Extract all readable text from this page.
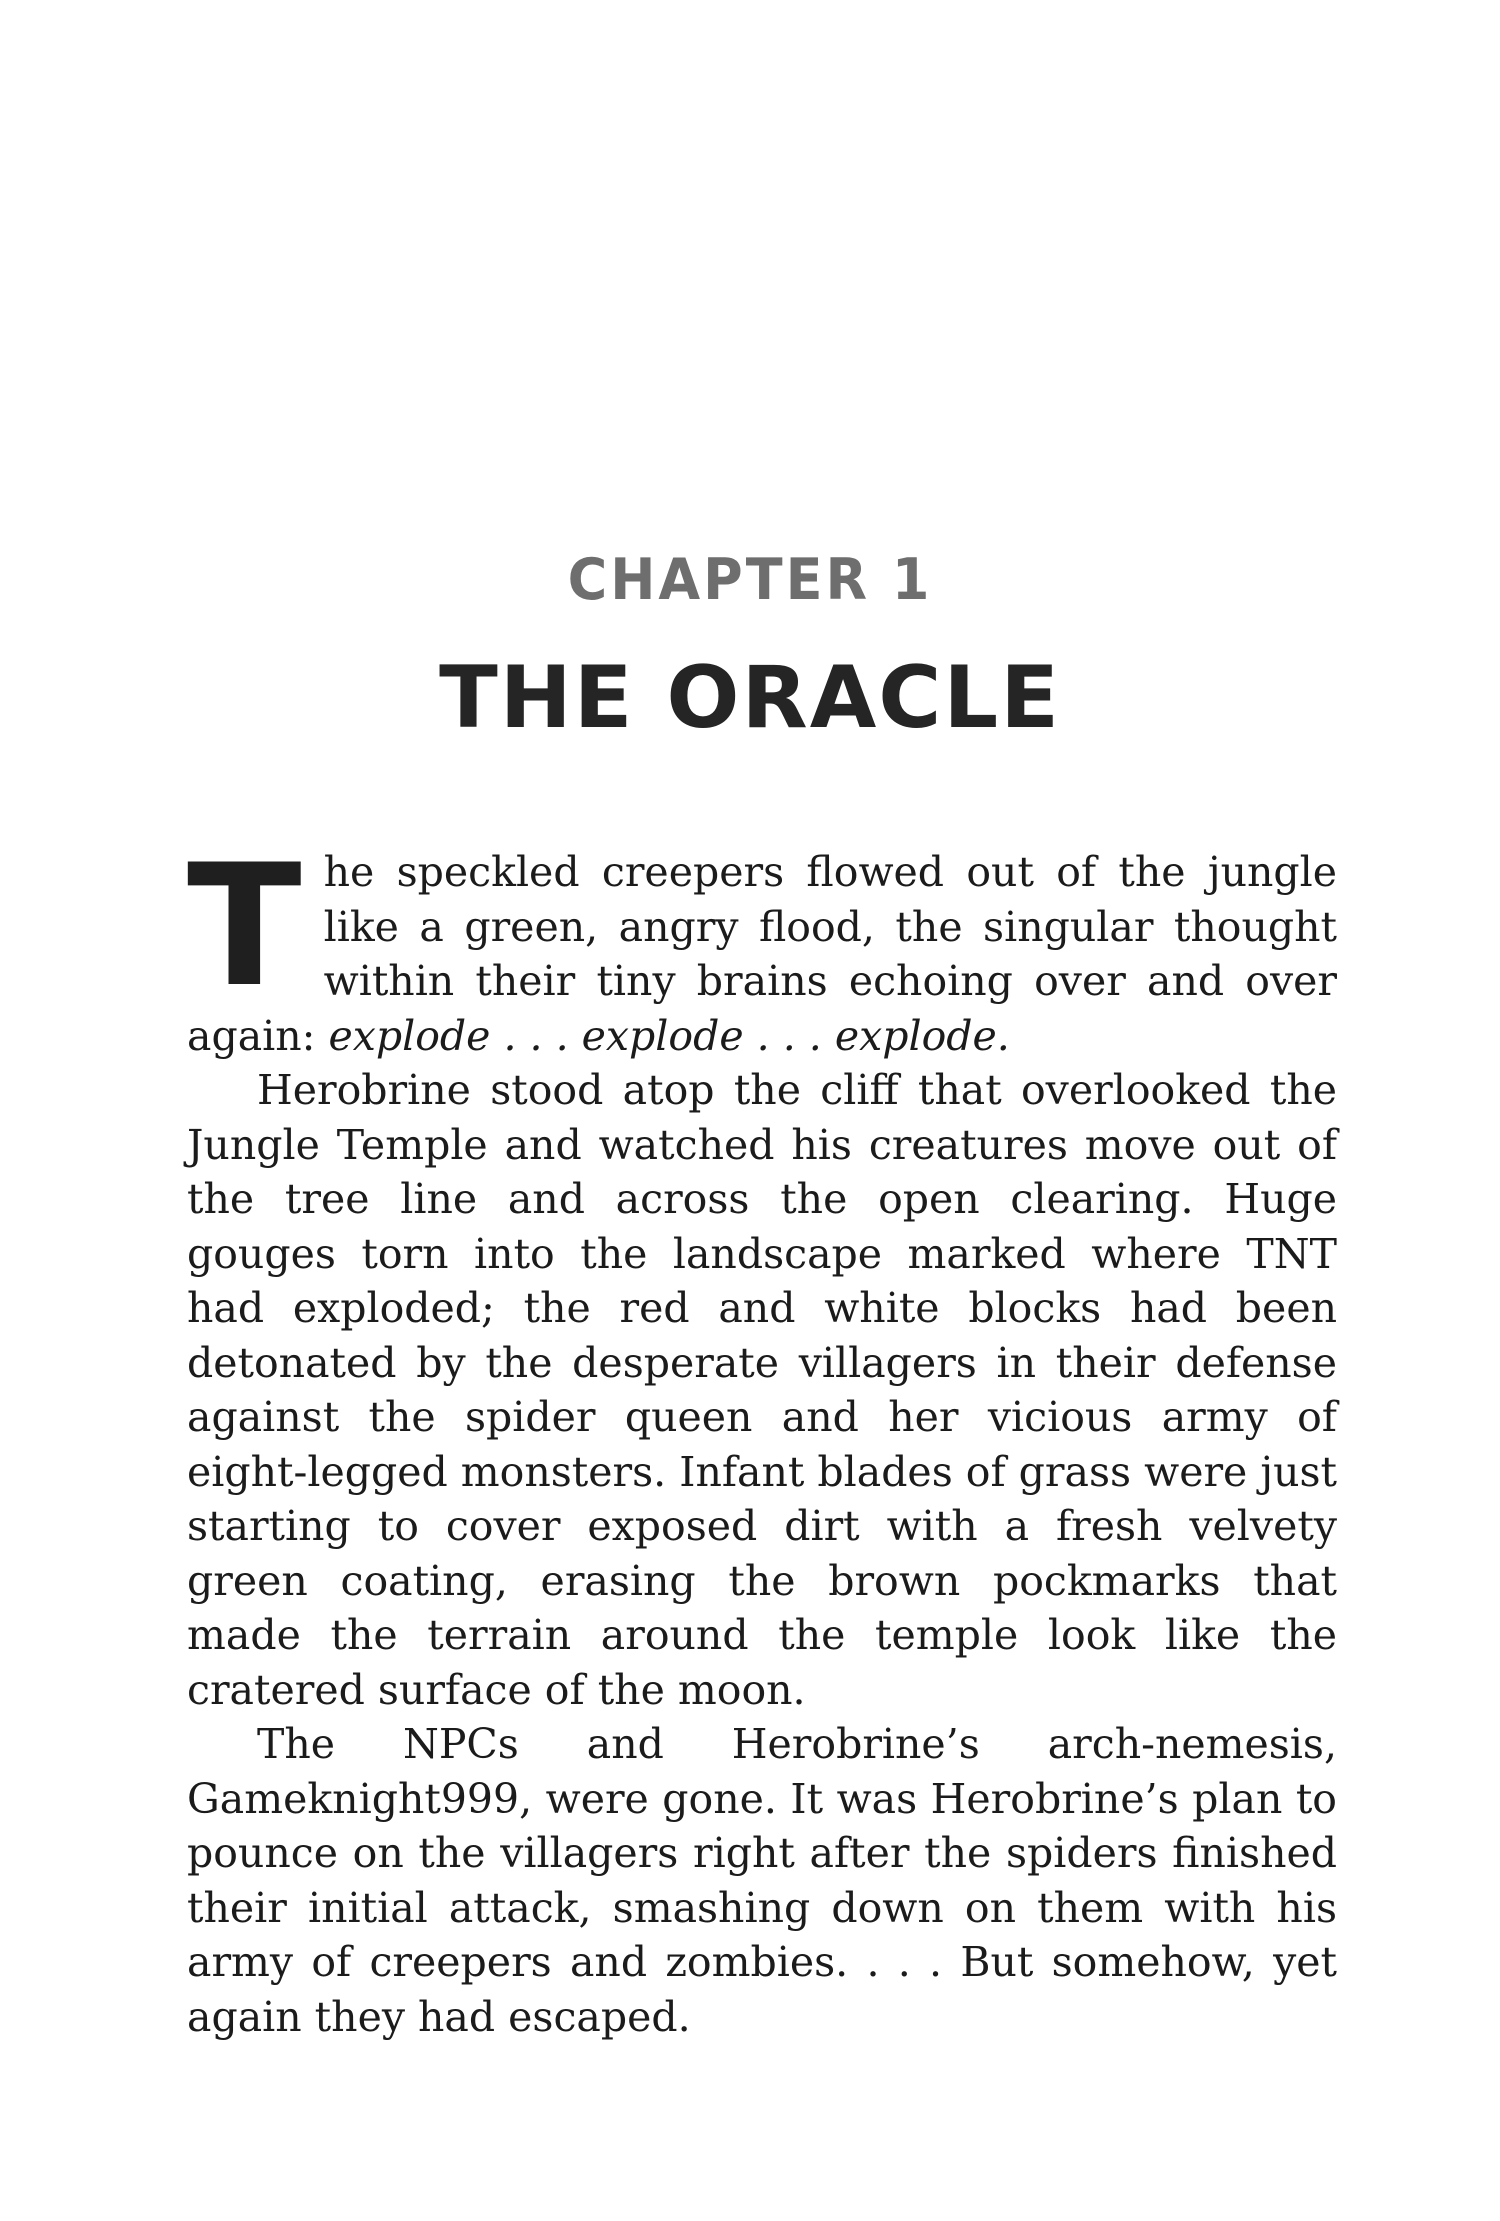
CHAPTER 1
THE ORACLE

The speckled creepers flowed out of the jungle like a green, angry flood, the singular thought within their tiny brains echoing over and over again: explode . . . explode . . . explode.

Herobrine stood atop the cliff that overlooked the Jungle Temple and watched his creatures move out of the tree line and across the open clearing. Huge gouges torn into the landscape marked where TNT had exploded; the red and white blocks had been detonated by the desperate villagers in their defense against the spider queen and her vicious army of eight-legged monsters. Infant blades of grass were just starting to cover exposed dirt with a fresh velvety green coating, erasing the brown pockmarks that made the terrain around the temple look like the cratered surface of the moon.

The NPCs and Herobrine’s arch-nemesis, Gameknight999, were gone. It was Herobrine’s plan to pounce on the villagers right after the spiders finished their initial attack, smashing down on them with his army of creepers and zombies. . . . But somehow, yet again they had escaped.
